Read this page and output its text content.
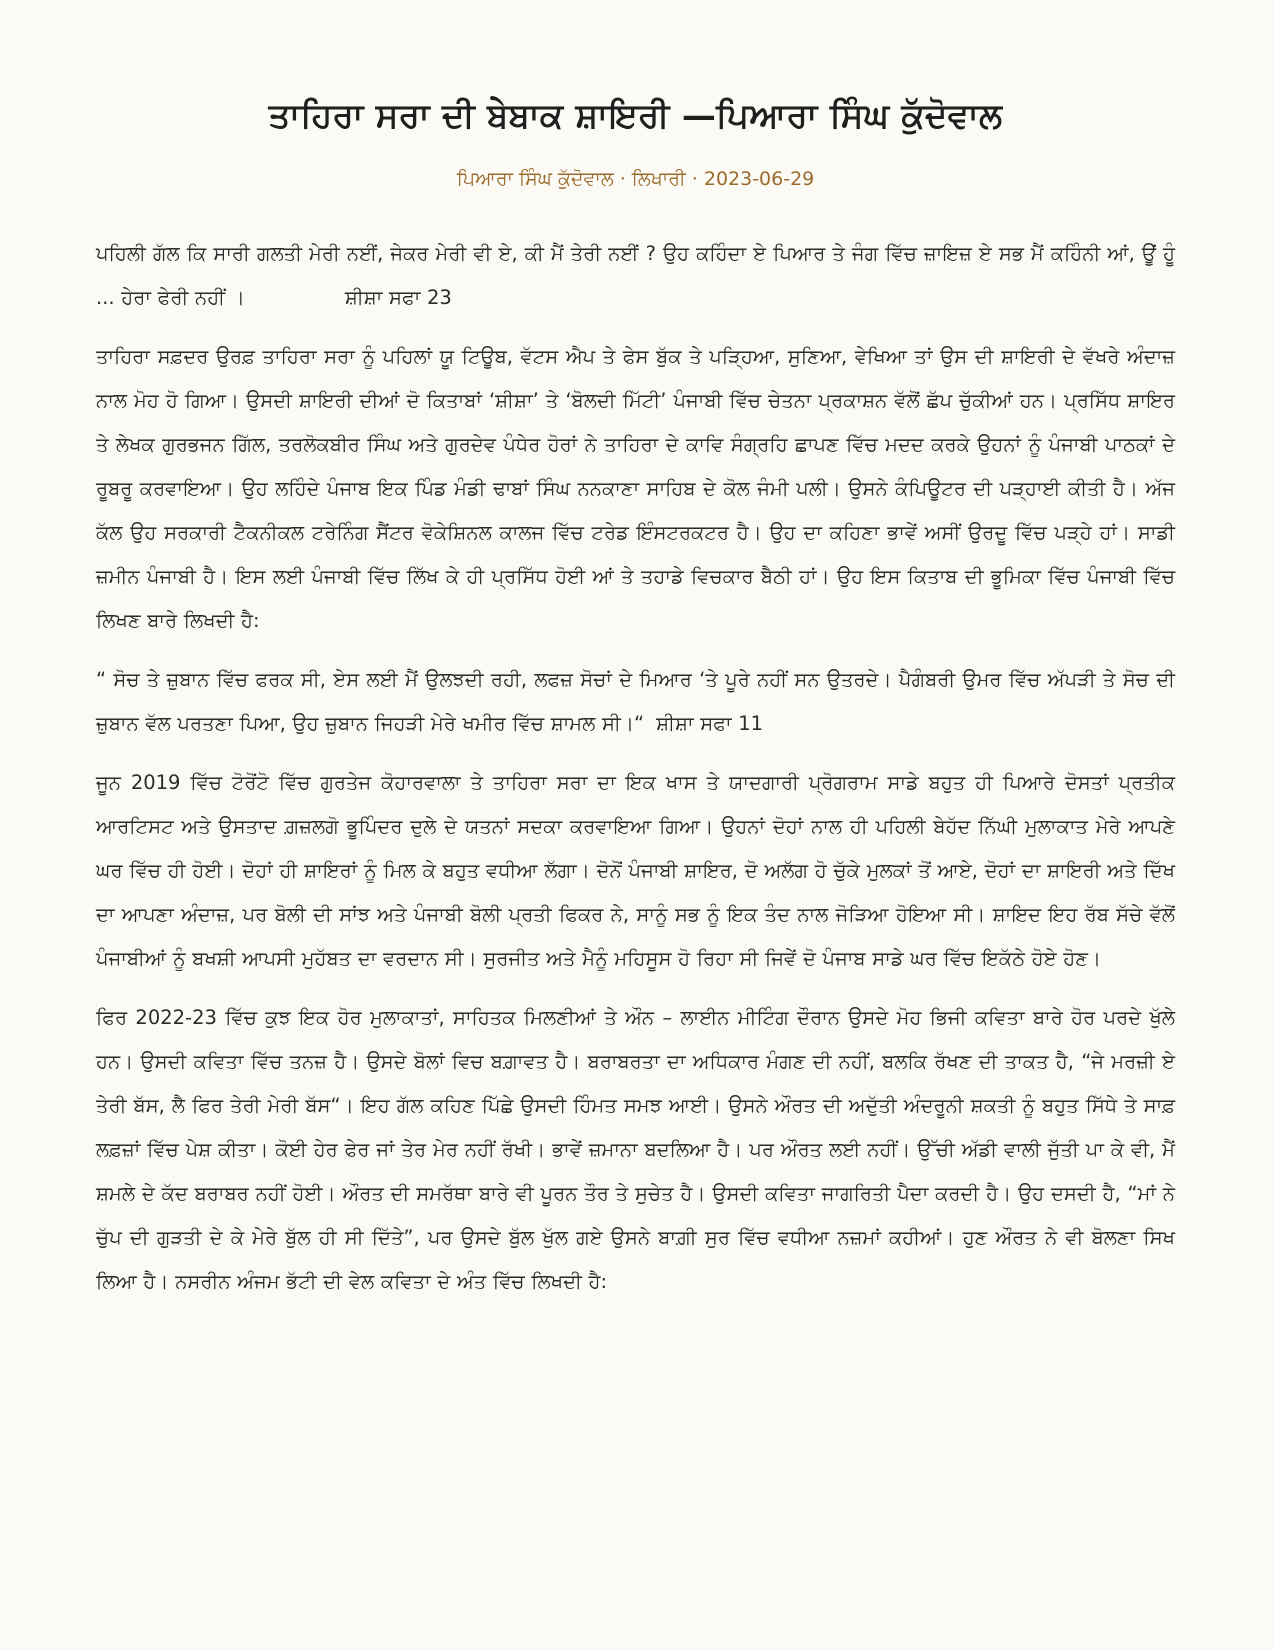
ਤਾਹਿਰਾ ਸਰਾ ਦੀ ਬੇਬਾਕ ਸ਼ਾਇਰੀ —ਪਿਆਰਾ ਸਿੰਘ ਕੁੱਦੋਵਾਲ
ਪਿਆਰਾ ਸਿੰਘ ਕੁੱਦੋਵਾਲ · ਲਿਖਾਰੀ · 2023-06-29

ਪਹਿਲੀ ਗੱਲ ਕਿ ਸਾਰੀ ਗਲਤੀ ਮੇਰੀ ਨਈਂ, ਜੇਕਰ ਮੇਰੀ ਵੀ ਏ, ਕੀ ਮੈਂ ਤੇਰੀ ਨਈਂ ? ਉਹ ਕਹਿੰਦਾ ਏ ਪਿਆਰ ਤੇ ਜੰਗ ਵਿੱਚ ਜ਼ਾਇਜ਼ ਏ ਸਭ ਮੈਂ ਕਹਿੰਨੀ ਆਂ, ਊਂ ਹੂੰ ... ਹੇਰਾ ਫੇਰੀ ਨਹੀਂ ।	ਸ਼ੀਸ਼ਾ ਸਫਾ 23

ਤਾਹਿਰਾ ਸਫ਼ਦਰ ਉਰਫ਼ ਤਾਹਿਰਾ ਸਰਾ ਨੂੰ ਪਹਿਲਾਂ ਯੂ ਟਿਊਬ, ਵੱਟਸ ਐਪ ਤੇ ਫੇਸ ਬੁੱਕ ਤੇ ਪੜ੍ਹਿਆ, ਸੁਣਿਆ, ਵੇਖਿਆ ਤਾਂ ਉਸ ਦੀ ਸ਼ਾਇਰੀ ਦੇ ਵੱਖਰੇ ਅੰਦਾਜ਼ ਨਾਲ ਮੋਹ ਹੋ ਗਿਆ। ਉਸਦੀ ਸ਼ਾਇਰੀ ਦੀਆਂ ਦੋ ਕਿਤਾਬਾਂ ‘ਸ਼ੀਸ਼ਾ’ ਤੇ ‘ਬੋਲਦੀ ਮਿੱਟੀ’ ਪੰਜਾਬੀ ਵਿੱਚ ਚੇਤਨਾ ਪ੍ਰਕਾਸ਼ਨ ਵੱਲੋਂ ਛੱਪ ਚੁੱਕੀਆਂ ਹਨ। ਪ੍ਰਸਿੱਧ ਸ਼ਾਇਰ ਤੇ ਲੇਖਕ ਗੁਰਭਜਨ ਗਿੱਲ, ਤਰਲੋਕਬੀਰ ਸਿੰਘ ਅਤੇ ਗੁਰਦੇਵ ਪੰਧੇਰ ਹੋਰਾਂ ਨੇ ਤਾਹਿਰਾ ਦੇ ਕਾਵਿ ਸੰਗ੍ਰਹਿ ਛਾਪਣ ਵਿੱਚ ਮਦਦ ਕਰਕੇ ਉਹਨਾਂ ਨੂੰ ਪੰਜਾਬੀ ਪਾਠਕਾਂ ਦੇ ਰੂਬਰੂ ਕਰਵਾਇਆ। ਉਹ ਲਹਿੰਦੇ ਪੰਜਾਬ ਇਕ ਪਿੰਡ ਮੰਡੀ ਢਾਬਾਂ ਸਿੰਘ ਨਨਕਾਣਾ ਸਾਹਿਬ ਦੇ ਕੋਲ ਜੰਮੀ ਪਲੀ। ਉਸਨੇ ਕੰਪਿਊਟਰ ਦੀ ਪੜ੍ਹਾਈ ਕੀਤੀ ਹੈ। ਅੱਜ ਕੱਲ ਉਹ ਸਰਕਾਰੀ ਟੈਕਨੀਕਲ ਟਰੇਨਿੰਗ ਸੈਂਟਰ ਵੋਕੇਸ਼ਿਨਲ ਕਾਲਜ ਵਿੱਚ ਟਰੇਡ ਇੰਸਟਰਕਟਰ ਹੈ। ਉਹ ਦਾ ਕਹਿਣਾ ਭਾਵੇਂ ਅਸੀਂ ਉਰਦੂ ਵਿੱਚ ਪੜ੍ਹੇ ਹਾਂ। ਸਾਡੀ ਜ਼ਮੀਨ ਪੰਜਾਬੀ ਹੈ। ਇਸ ਲਈ ਪੰਜਾਬੀ ਵਿੱਚ ਲਿੱਖ ਕੇ ਹੀ ਪ੍ਰਸਿੱਧ ਹੋਈ ਆਂ ਤੇ ਤਹਾਡੇ ਵਿਚਕਾਰ ਬੈਠੀ ਹਾਂ। ਉਹ ਇਸ ਕਿਤਾਬ ਦੀ ਭੂਮਿਕਾ ਵਿੱਚ ਪੰਜਾਬੀ ਵਿੱਚ ਲਿਖਣ ਬਾਰੇ ਲਿਖਦੀ ਹੈ:

“ ਸੋਚ ਤੇ ਜ਼ੁਬਾਨ ਵਿੱਚ ਫਰਕ ਸੀ, ਏਸ ਲਈ ਮੈਂ ਉਲਝਦੀ ਰਹੀ, ਲਫਜ਼ ਸੋਚਾਂ ਦੇ ਮਿਆਰ ‘ਤੇ ਪੂਰੇ ਨਹੀਂ ਸਨ ਉਤਰਦੇ। ਪੈਗੰਬਰੀ ਉਮਰ ਵਿੱਚ ਅੱਪੜੀ ਤੇ ਸੋਚ ਦੀ ਜ਼ੁਬਾਨ ਵੱਲ ਪਰਤਣਾ ਪਿਆ, ਉਹ ਜ਼ੁਬਾਨ ਜਿਹੜੀ ਮੇਰੇ ਖਮੀਰ ਵਿੱਚ ਸ਼ਾਮਲ ਸੀ।“ ਸ਼ੀਸ਼ਾ ਸਫਾ 11

ਜੂਨ 2019 ਵਿੱਚ ਟੋਰੋਂਟੋ ਵਿੱਚ ਗੁਰਤੇਜ ਕੋਹਾਰਵਾਲਾ ਤੇ ਤਾਹਿਰਾ ਸਰਾ ਦਾ ਇਕ ਖਾਸ ਤੇ ਯਾਦਗਾਰੀ ਪ੍ਰੋਗਰਾਮ ਸਾਡੇ ਬਹੁਤ ਹੀ ਪਿਆਰੇ ਦੋਸਤਾਂ ਪ੍ਰਤੀਕ ਆਰਟਿਸਟ ਅਤੇ ਉਸਤਾਦ ਗ਼ਜ਼ਲਗੋ ਭੂਪਿੰਦਰ ਦੁਲੇ ਦੇ ਯਤਨਾਂ ਸਦਕਾ ਕਰਵਾਇਆ ਗਿਆ। ਉਹਨਾਂ ਦੋਹਾਂ ਨਾਲ ਹੀ ਪਹਿਲੀ ਬੇਹੱਦ ਨਿੱਘੀ ਮੁਲਾਕਾਤ ਮੇਰੇ ਆਪਣੇ ਘਰ ਵਿੱਚ ਹੀ ਹੋਈ। ਦੋਹਾਂ ਹੀ ਸ਼ਾਇਰਾਂ ਨੂੰ ਮਿਲ ਕੇ ਬਹੁਤ ਵਧੀਆ ਲੱਗਾ। ਦੋਨੋਂ ਪੰਜਾਬੀ ਸ਼ਾਇਰ, ਦੋ ਅਲੱਗ ਹੋ ਚੁੱਕੇ ਮੁਲਕਾਂ ਤੋਂ ਆਏ, ਦੋਹਾਂ ਦਾ ਸ਼ਾਇਰੀ ਅਤੇ ਦਿੱਖ ਦਾ ਆਪਣਾ ਅੰਦਾਜ਼, ਪਰ ਬੋਲੀ ਦੀ ਸਾਂਝ ਅਤੇ ਪੰਜਾਬੀ ਬੋਲੀ ਪ੍ਰਤੀ ਫਿਕਰ ਨੇ, ਸਾਨੂੰ ਸਭ ਨੂੰ ਇਕ ਤੰਦ ਨਾਲ ਜੋੜਿਆ ਹੋਇਆ ਸੀ। ਸ਼ਾਇਦ ਇਹ ਰੱਬ ਸੱਚੇ ਵੱਲੋਂ ਪੰਜਾਬੀਆਂ ਨੂੰ ਬਖਸ਼ੀ ਆਪਸੀ ਮੁਹੱਬਤ ਦਾ ਵਰਦਾਨ ਸੀ। ਸੁਰਜੀਤ ਅਤੇ ਮੈਨੂੰ ਮਹਿਸੂਸ ਹੋ ਰਿਹਾ ਸੀ ਜਿਵੇਂ ਦੋ ਪੰਜਾਬ ਸਾਡੇ ਘਰ ਵਿੱਚ ਇਕੱਠੇ ਹੋਏ ਹੋਣ।

ਫਿਰ 2022-23 ਵਿੱਚ ਕੁਝ ਇਕ ਹੋਰ ਮੁਲਾਕਾਤਾਂ, ਸਾਹਿਤਕ ਮਿਲਣੀਆਂ ਤੇ ਔਨ – ਲਾਈਨ ਮੀਟਿੰਗ ਦੌਰਾਨ ਉਸਦੇ ਮੋਹ ਭਿਜੀ ਕਵਿਤਾ ਬਾਰੇ ਹੋਰ ਪਰਦੇ ਖੁੱਲੇ ਹਨ। ਉਸਦੀ ਕਵਿਤਾ ਵਿੱਚ ਤਨਜ਼ ਹੈ। ਉਸਦੇ ਬੋਲਾਂ ਵਿਚ ਬਗ਼ਾਵਤ ਹੈ। ਬਰਾਬਰਤਾ ਦਾ ਅਧਿਕਾਰ ਮੰਗਣ ਦੀ ਨਹੀਂ, ਬਲਕਿ ਰੱਖਣ ਦੀ ਤਾਕਤ ਹੈ, “ਜੇ ਮਰਜ਼ੀ ਏ ਤੇਰੀ ਬੱਸ, ਲੈ ਫਿਰ ਤੇਰੀ ਮੇਰੀ ਬੱਸ“। ਇਹ ਗੱਲ ਕਹਿਣ ਪਿੱਛੇ ਉਸਦੀ ਹਿੰਮਤ ਸਮਝ ਆਈ। ਉਸਨੇ ਔਰਤ ਦੀ ਅਦੁੱਤੀ ਅੰਦਰੂਨੀ ਸ਼ਕਤੀ ਨੂੰ ਬਹੁਤ ਸਿੱਧੇ ਤੇ ਸਾਫ਼ ਲਫ਼ਜ਼ਾਂ ਵਿੱਚ ਪੇਸ਼ ਕੀਤਾ। ਕੋਈ ਹੇਰ ਫੇਰ ਜਾਂ ਤੇਰ ਮੇਰ ਨਹੀਂ ਰੱਖੀ। ਭਾਵੇਂ ਜ਼ਮਾਨਾ ਬਦਲਿਆ ਹੈ। ਪਰ ਔਰਤ ਲਈ ਨਹੀਂ। ਉੱਚੀ ਅੱਡੀ ਵਾਲੀ ਜੁੱਤੀ ਪਾ ਕੇ ਵੀ, ਮੈਂ ਸ਼ਮਲੇ ਦੇ ਕੱਦ ਬਰਾਬਰ ਨਹੀਂ ਹੋਈ। ਔਰਤ ਦੀ ਸਮਰੱਥਾ ਬਾਰੇ ਵੀ ਪੂਰਨ ਤੌਰ ਤੇ ਸੁਚੇਤ ਹੈ। ਉਸਦੀ ਕਵਿਤਾ ਜਾਗਰਿਤੀ ਪੈਦਾ ਕਰਦੀ ਹੈ। ਉਹ ਦਸਦੀ ਹੈ, “ਮਾਂ ਨੇ ਚੁੱਪ ਦੀ ਗੁੜਤੀ ਦੇ ਕੇ ਮੇਰੇ ਬੁੱਲ ਹੀ ਸੀ ਦਿੱਤੇ”, ਪਰ ਉਸਦੇ ਬੁੱਲ ਖੁੱਲ ਗਏ ਉਸਨੇ ਬਾਗ਼ੀ ਸੁਰ ਵਿੱਚ ਵਧੀਆ ਨਜ਼ਮਾਂ ਕਹੀਆਂ। ਹੁਣ ਔਰਤ ਨੇ ਵੀ ਬੋਲਣਾ ਸਿਖ ਲਿਆ ਹੈ। ਨਸਰੀਨ ਅੰਜਮ ਭੱਟੀ ਦੀ ਵੇਲ ਕਵਿਤਾ ਦੇ ਅੰਤ ਵਿੱਚ ਲਿਖਦੀ ਹੈ:
